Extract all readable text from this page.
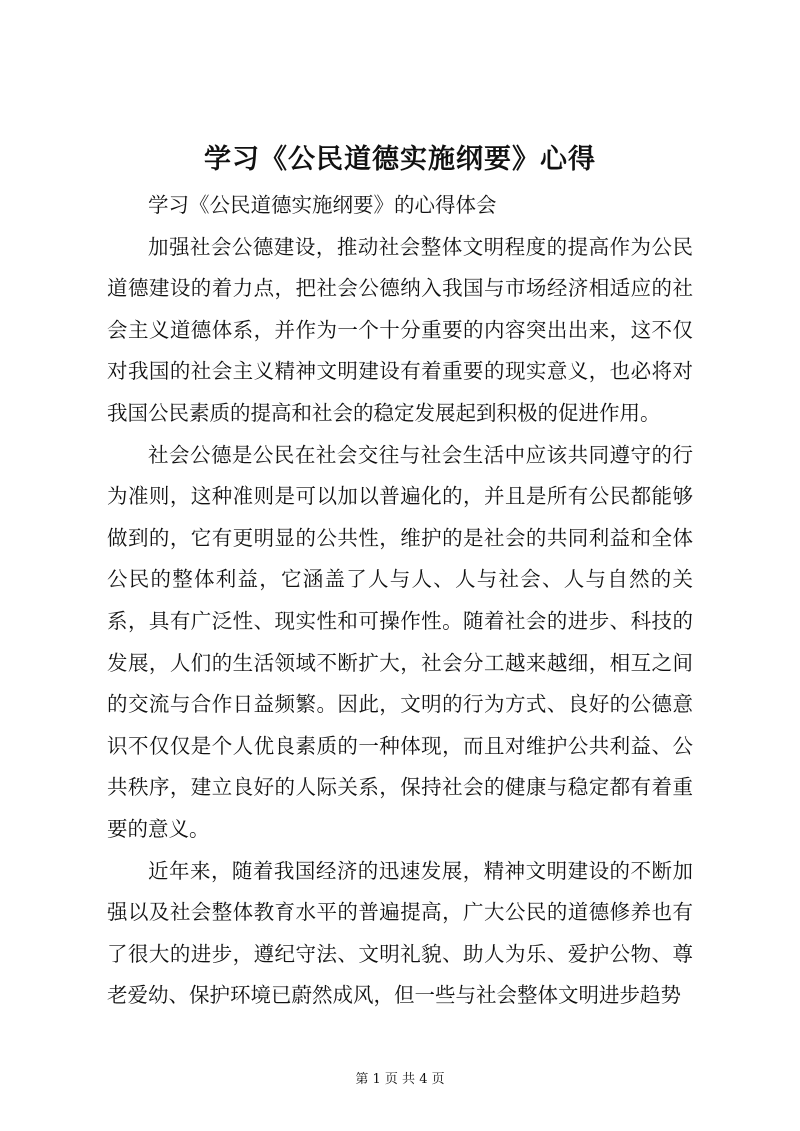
学习《公民道德实施纲要》心得

学习《公民道德实施纲要》的心得体会

加强社会公德建设，推动社会整体文明程度的提高作为公民道德建设的着力点，把社会公德纳入我国与市场经济相适应的社会主义道德体系，并作为一个十分重要的内容突出出来，这不仅对我国的社会主义精神文明建设有着重要的现实意义，也必将对我国公民素质的提高和社会的稳定发展起到积极的促进作用。

社会公德是公民在社会交往与社会生活中应该共同遵守的行为准则，这种准则是可以加以普遍化的，并且是所有公民都能够做到的，它有更明显的公共性，维护的是社会的共同利益和全体公民的整体利益，它涵盖了人与人、人与社会、人与自然的关系，具有广泛性、现实性和可操作性。随着社会的进步、科技的发展，人们的生活领域不断扩大，社会分工越来越细，相互之间的交流与合作日益频繁。因此，文明的行为方式、良好的公德意识不仅仅是个人优良素质的一种体现，而且对维护公共利益、公共秩序，建立良好的人际关系，保持社会的健康与稳定都有着重要的意义。

近年来，随着我国经济的迅速发展，精神文明建设的不断加强以及社会整体教育水平的普遍提高，广大公民的道德修养也有了很大的进步，遵纪守法、文明礼貌、助人为乐、爱护公物、尊老爱幼、保护环境已蔚然成风，但一些与社会整体文明进步趋势

第 1 页 共 4 页
